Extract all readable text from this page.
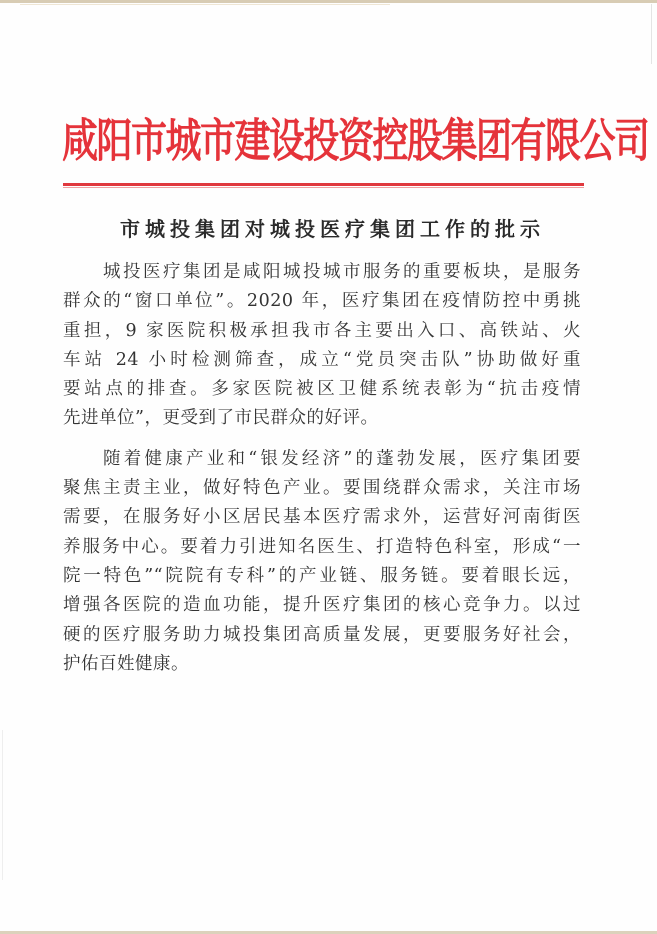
咸阳市城市建设投资控股集团有限公司
市城投集团对城投医疗集团工作的批示
城投医疗集团是咸阳城投城市服务的重要板块，是服务
群众的“窗口单位”。2020 年，医疗集团在疫情防控中勇挑
重担，9 家医院积极承担我市各主要出入口、高铁站、火
车站 24 小时检测筛查，成立“党员突击队”协助做好重
要站点的排查。多家医院被区卫健系统表彰为“抗击疫情
先进单位”，更受到了市民群众的好评。
随着健康产业和“银发经济”的蓬勃发展，医疗集团要
聚焦主责主业，做好特色产业。要围绕群众需求，关注市场
需要，在服务好小区居民基本医疗需求外，运营好河南街医
养服务中心。要着力引进知名医生、打造特色科室，形成“一
院一特色”“院院有专科”的产业链、服务链。要着眼长远，
增强各医院的造血功能，提升医疗集团的核心竞争力。以过
硬的医疗服务助力城投集团高质量发展，更要服务好社会，
护佑百姓健康。
